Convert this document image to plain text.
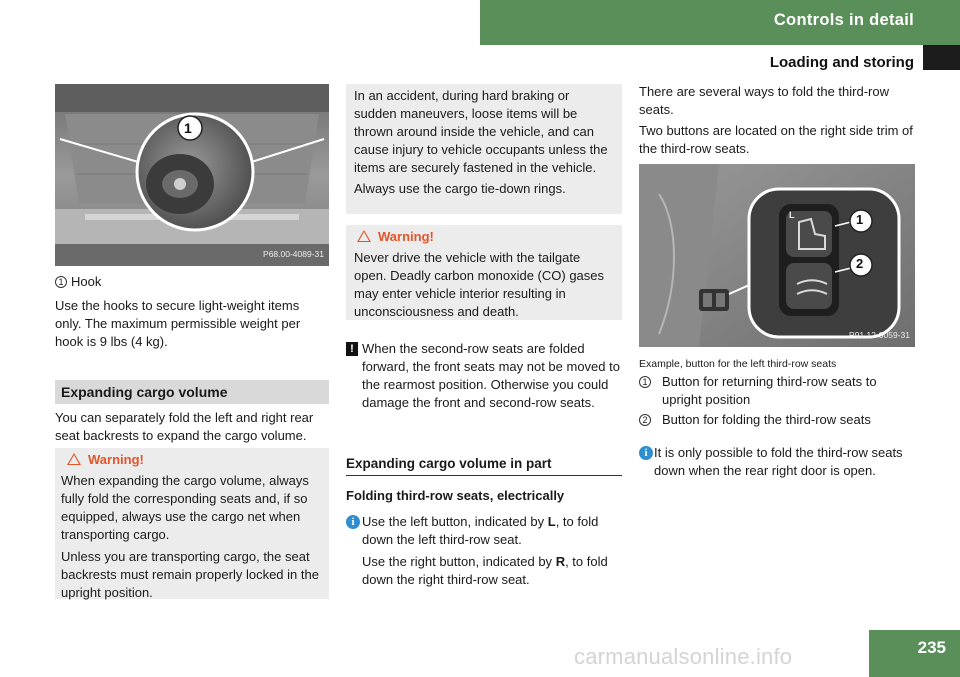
Controls in detail
Loading and storing
1
P68.00-4089-31
1 Hook

Use the hooks to secure light-weight items only. The maximum permissible weight per hook is 9 lbs (4 kg).

Expanding cargo volume

You can separately fold the left and right rear seat backrests to expand the cargo volume.

Warning!

When expanding the cargo volume, always fully fold the corresponding seats and, if so equipped, always use the cargo net when transporting cargo.

Unless you are transporting cargo, the seat backrests must remain properly locked in the upright position.

In an accident, during hard braking or sudden maneuvers, loose items will be thrown around inside the vehicle, and can cause injury to vehicle occupants unless the items are securely fastened in the vehicle.

Always use the cargo tie-down rings.

Warning!

Never drive the vehicle with the tailgate open. Deadly carbon monoxide (CO) gases may enter vehicle interior resulting in unconsciousness and death.

! When the second-row seats are folded forward, the front seats may not be moved to the rearmost position. Otherwise you could damage the front and second-row seats.

Expanding cargo volume in part

Folding third-row seats, electrically

i Use the left button, indicated by L, to fold down the left third-row seat.

Use the right button, indicated by R, to fold down the right third-row seat.

There are several ways to fold the third-row seats.

Two buttons are located on the right side trim of the third-row seats.

L	1
2
P91.12-3059-31

Example, button for the left third-row seats

1 Button for returning third-row seats to upright position
2 Button for folding the third-row seats
i It is only possible to fold the third-row seats down when the rear right door is open.

235
carmanualsonline.info
